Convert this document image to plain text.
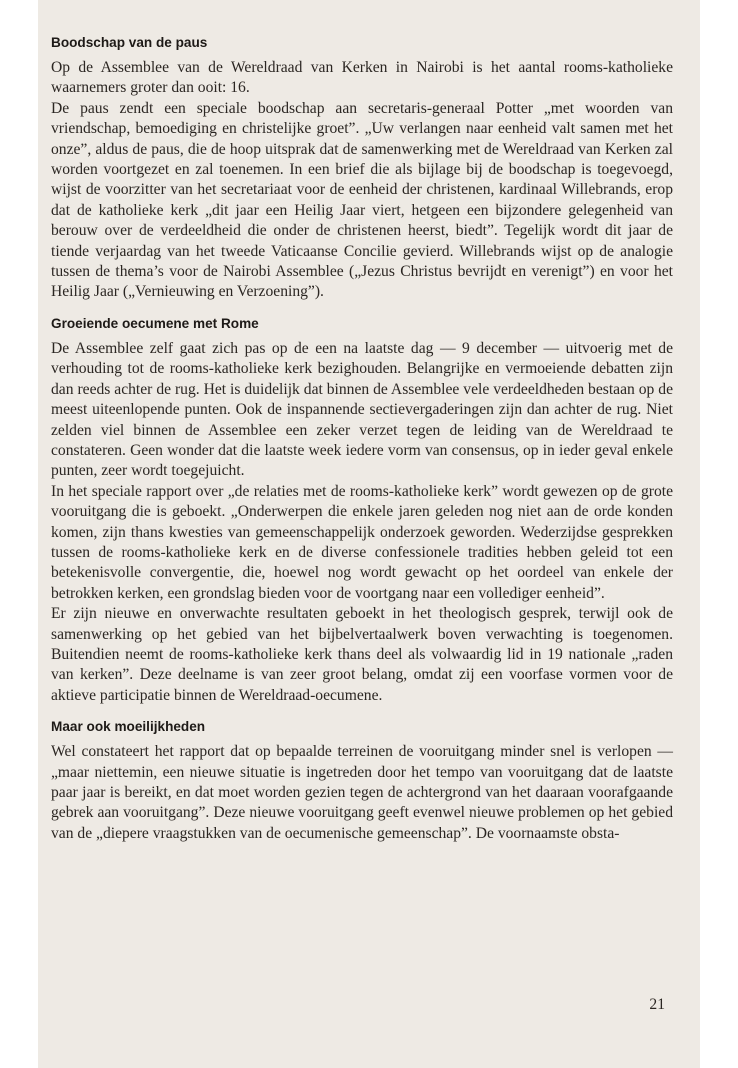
Boodschap van de paus

Op de Assemblee van de Wereldraad van Kerken in Nairobi is het aantal rooms-katholieke waarnemers groter dan ooit: 16.

De paus zendt een speciale boodschap aan secretaris-generaal Potter „met woorden van vriendschap, bemoediging en christelijke groet”. „Uw verlangen naar eenheid valt samen met het onze”, aldus de paus, die de hoop uitsprak dat de samenwerking met de Wereldraad van Kerken zal worden voortgezet en zal toenemen. In een brief die als bijlage bij de boodschap is toegevoegd, wijst de voorzitter van het secretariaat voor de eenheid der christenen, kardinaal Willebrands, erop dat de katholieke kerk „dit jaar een Heilig Jaar viert, hetgeen een bijzondere gelegenheid van berouw over de verdeeldheid die onder de christenen heerst, biedt”. Tegelijk wordt dit jaar de tiende verjaardag van het tweede Vaticaanse Concilie gevierd. Willebrands wijst op de analogie tussen de thema’s voor de Nairobi Assemblee („Jezus Christus bevrijdt en verenigt”) en voor het Heilig Jaar („Vernieuwing en Verzoening”).

Groeiende oecumene met Rome

De Assemblee zelf gaat zich pas op de een na laatste dag — 9 december — uitvoerig met de verhouding tot de rooms-katholieke kerk bezighouden. Belangrijke en vermoeiende debatten zijn dan reeds achter de rug. Het is duidelijk dat binnen de Assemblee vele verdeeldheden bestaan op de meest uiteenlopende punten. Ook de inspannende sectievergaderingen zijn dan achter de rug. Niet zelden viel binnen de Assemblee een zeker verzet tegen de leiding van de Wereldraad te constateren. Geen wonder dat die laatste week iedere vorm van consensus, op in ieder geval enkele punten, zeer wordt toegejuicht.

In het speciale rapport over „de relaties met de rooms-katholieke kerk” wordt gewezen op de grote vooruitgang die is geboekt. „Onderwerpen die enkele jaren geleden nog niet aan de orde konden komen, zijn thans kwesties van gemeenschappelijk onderzoek geworden. Wederzijdse gesprekken tussen de rooms-katholieke kerk en de diverse confessionele tradities hebben geleid tot een betekenisvolle convergentie, die, hoewel nog wordt gewacht op het oordeel van enkele der betrokken kerken, een grondslag bieden voor de voortgang naar een vollediger eenheid”.

Er zijn nieuwe en onverwachte resultaten geboekt in het theologisch gesprek, terwijl ook de samenwerking op het gebied van het bijbelvertaalwerk boven verwachting is toegenomen. Buitendien neemt de rooms-katholieke kerk thans deel als volwaardig lid in 19 nationale „raden van kerken”. Deze deelname is van zeer groot belang, omdat zij een voorfase vormen voor de aktieve participatie binnen de Wereldraad-oecumene.

Maar ook moeilijkheden

Wel constateert het rapport dat op bepaalde terreinen de vooruitgang minder snel is verlopen — „maar niettemin, een nieuwe situatie is ingetreden door het tempo van vooruitgang dat de laatste paar jaar is bereikt, en dat moet worden gezien tegen de achtergrond van het daaraan voorafgaande gebrek aan vooruitgang”. Deze nieuwe vooruitgang geeft evenwel nieuwe problemen op het gebied van de „diepere vraagstukken van de oecumenische gemeenschap”. De voornaamste obsta-

21
